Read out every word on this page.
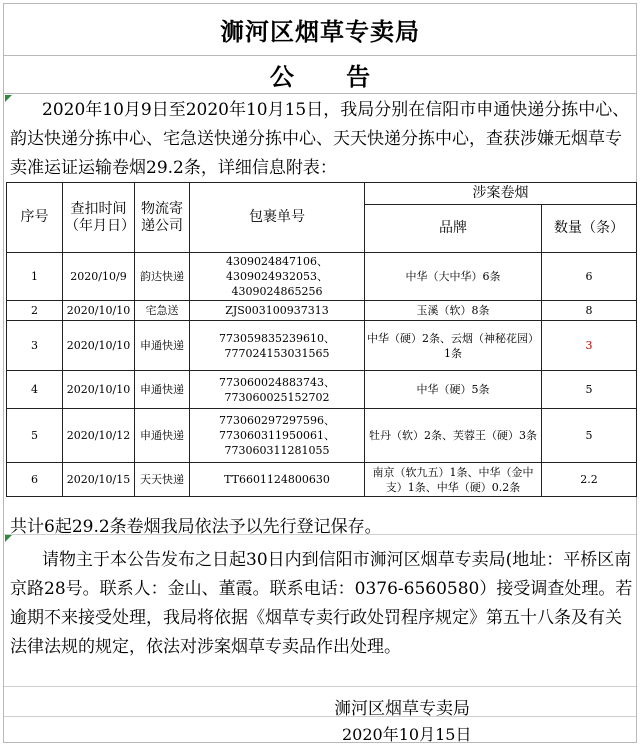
浉河区烟草专卖局
公 告
2020年10月9日至2020年10月15日，我局分别在信阳市申通快递分拣中心、韵达快递分拣中心、宅急送快递分拣中心、天天快递分拣中心，查获涉嫌无烟草专卖准运证运输卷烟29.2条，详细信息附表：
序号	查扣时间（年月日）	物流寄递公司	包裹单号	涉案卷烟	
				品牌	数量（条）
1	2020/10/9	韵达快递	4309024847106、4309024932053、4309024865256	中华（大中华）6条	6
2	2020/10/10	宅急送	ZJS003100937313	玉溪（软）8条	8
3	2020/10/10	申通快递	773059835239610、777024153031565	中华（硬）2条、云烟（神秘花园）1条	3
4	2020/10/10	申通快递	773060024883743、773060025152702	中华（硬）5条	5
5	2020/10/12	申通快递	773060297297596、773060311950061、773060311281055	牡丹（软）2条、芙蓉王（硬）3条	5
6	2020/10/15	天天快递	TT6601124800630	南京（软九五）1条、中华（金中支）1条、中华（硬）0.2条	2.2
共计6起29.2条卷烟我局依法予以先行登记保存。
请物主于本公告发布之日起30日内到信阳市浉河区烟草专卖局(地址：平桥区南京路28号。联系人：金山、董霞。联系电话：0376-6560580）接受调查处理。若逾期不来接受处理，我局将依据《烟草专卖行政处罚程序规定》第五十八条及有关法律法规的规定，依法对涉案烟草专卖品作出处理。
浉河区烟草专卖局
2020年10月15日
